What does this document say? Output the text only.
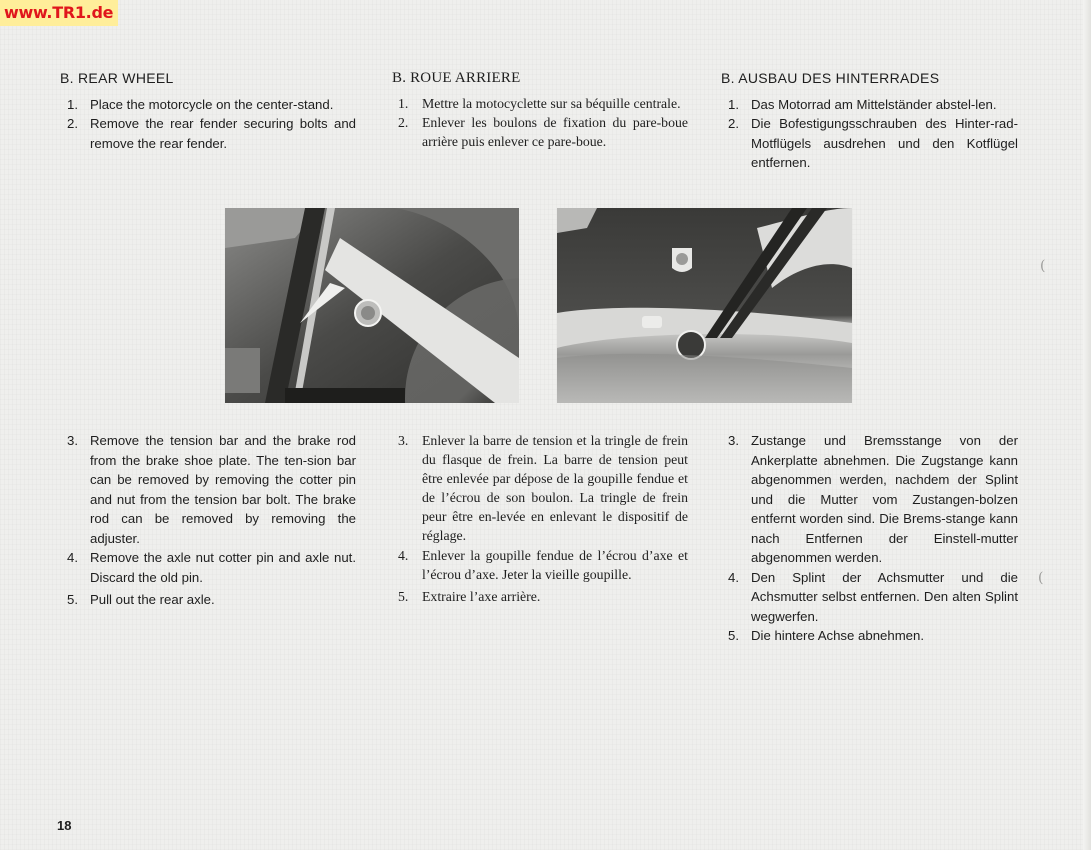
www.TR1.de
B. REAR WHEEL
1. Place the motorcycle on the center-stand.
2. Remove the rear fender securing bolts and remove the rear fender.
B. ROUE ARRIERE
1. Mettre la motocyclette sur sa béquille centrale.
2. Enlever les boulons de fixation du pare-boue arrière puis enlever ce pare-boue.
B. AUSBAU DES HINTERRADES
1. Das Motorrad am Mittelständer abstel-len.
2. Die Bofestigungsschrauben des Hinter-rad-Motflügels ausdrehen und den Kotflügel entfernen.
3. Remove the tension bar and the brake rod from the brake shoe plate. The ten-sion bar can be removed by removing the cotter pin and nut from the tension bar bolt. The brake rod can be removed by removing the adjuster.
4. Remove the axle nut cotter pin and axle nut. Discard the old pin.
5. Pull out the rear axle.
3. Enlever la barre de tension et la tringle de frein du flasque de frein. La barre de tension peut être enlevée par dépose de la goupille fendue et de l’écrou de son boulon. La tringle de frein peur être en-levée en enlevant le dispositif de réglage.
4. Enlever la goupille fendue de l’écrou d’axe et l’écrou d’axe. Jeter la vieille goupille.
5. Extraire l’axe arrière.
3. Zustange und Bremsstange von der Ankerplatte abnehmen. Die Zugstange kann abgenommen werden, nachdem der Splint und die Mutter vom Zustangen-bolzen entfernt worden sind. Die Brems-stange kann nach Entfernen der Einstell-mutter abgenommen werden.
4. Den Splint der Achsmutter und die Achsmutter selbst entfernen. Den alten Splint wegwerfen.
5. Die hintere Achse abnehmen.
(
(
18
